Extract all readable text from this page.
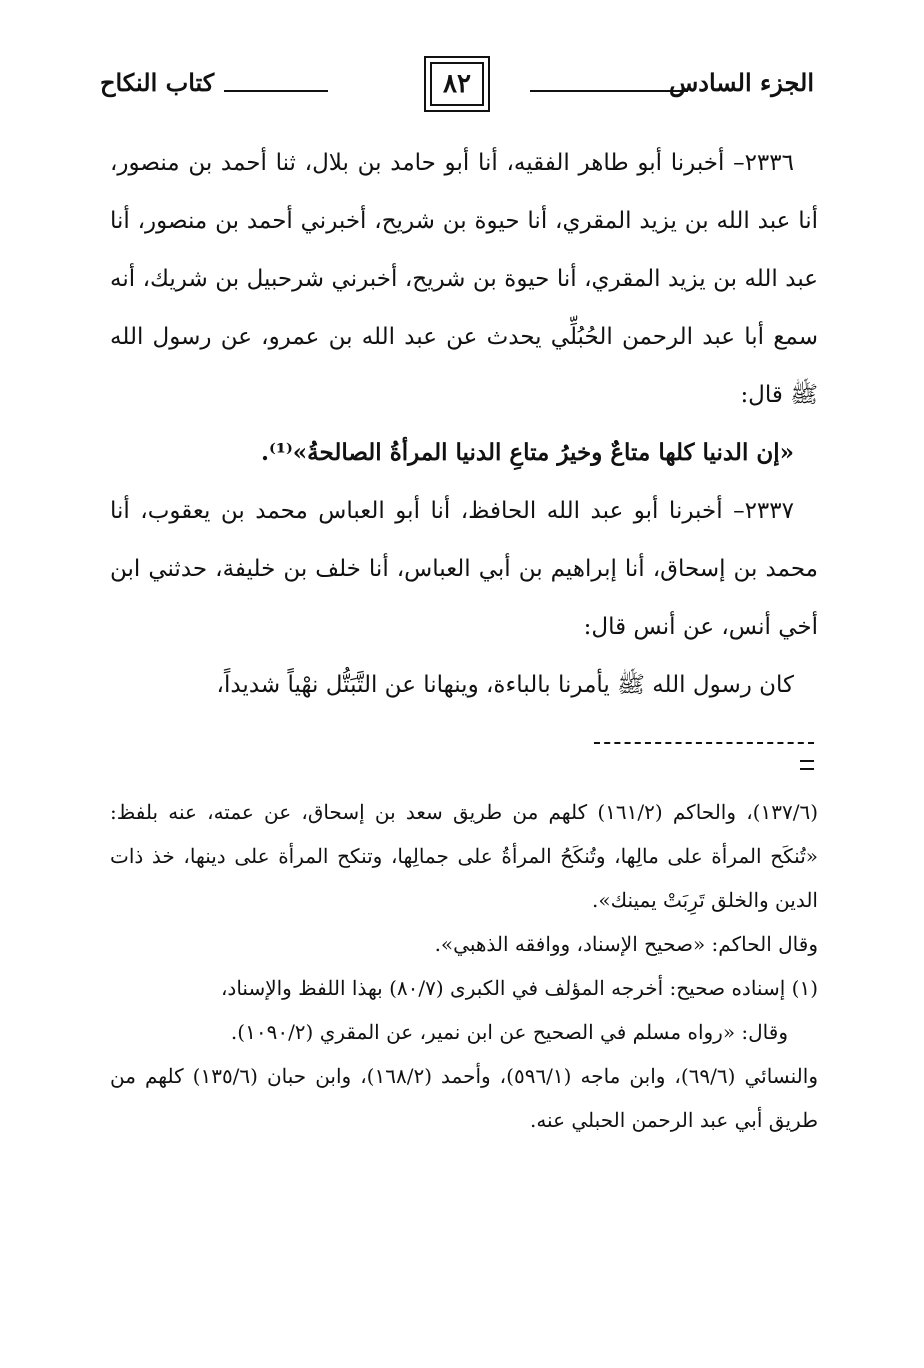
الجزء السادس
٨٢
كتاب النكاح

٢٣٣٦– أخبرنا أبو طاهر الفقيه، أنا أبو حامد بن بلال، ثنا أحمد بن منصور، أنا عبد الله بن يزيد المقري، أنا حيوة بن شريح، أخبرني أحمد بن منصور، أنا عبد الله بن يزيد المقري، أنا حيوة بن شريح، أخبرني شرحبيل بن شريك، أنه سمع أبا عبد الرحمن الحُبُلِّي يحدث عن عبد الله بن عمرو، عن رسول الله ﷺ قال:

«إن الدنيا كلها متاعٌ وخيرُ متاعِ الدنيا المرأةُ الصالحةُ»⁽¹⁾.

٢٣٣٧– أخبرنا أبو عبد الله الحافظ، أنا أبو العباس محمد بن يعقوب، أنا محمد بن إسحاق، أنا إبراهيم بن أبي العباس، أنا خلف بن خليفة، حدثني ابن أخي أنس، عن أنس قال:

كان رسول الله ﷺ يأمرنا بالباءة، وينهانا عن التَّبَتُّل نهْياً شديداً،

(١٣٧/٦)، والحاكم (١٦١/٢) كلهم من طريق سعد بن إسحاق، عن عمته، عنه بلفظ: «تُنكَح المرأة على مالِها، وتُنكَحُ المرأةُ على جمالِها، وتنكح المرأة على دينها، خذ ذات الدين والخلق تَرِبَتْ يمينك».

وقال الحاكم: «صحيح الإسناد، ووافقه الذهبي».

(١) إسناده صحيح: أخرجه المؤلف في الكبرى (٨٠/٧) بهذا اللفظ والإسناد،

وقال: «رواه مسلم في الصحيح عن ابن نمير، عن المقري (١٠٩٠/٢).

والنسائي (٦٩/٦)، وابن ماجه (٥٩٦/١)، وأحمد (١٦٨/٢)، وابن حبان (١٣٥/٦) كلهم من طريق أبي عبد الرحمن الحبلي عنه.
